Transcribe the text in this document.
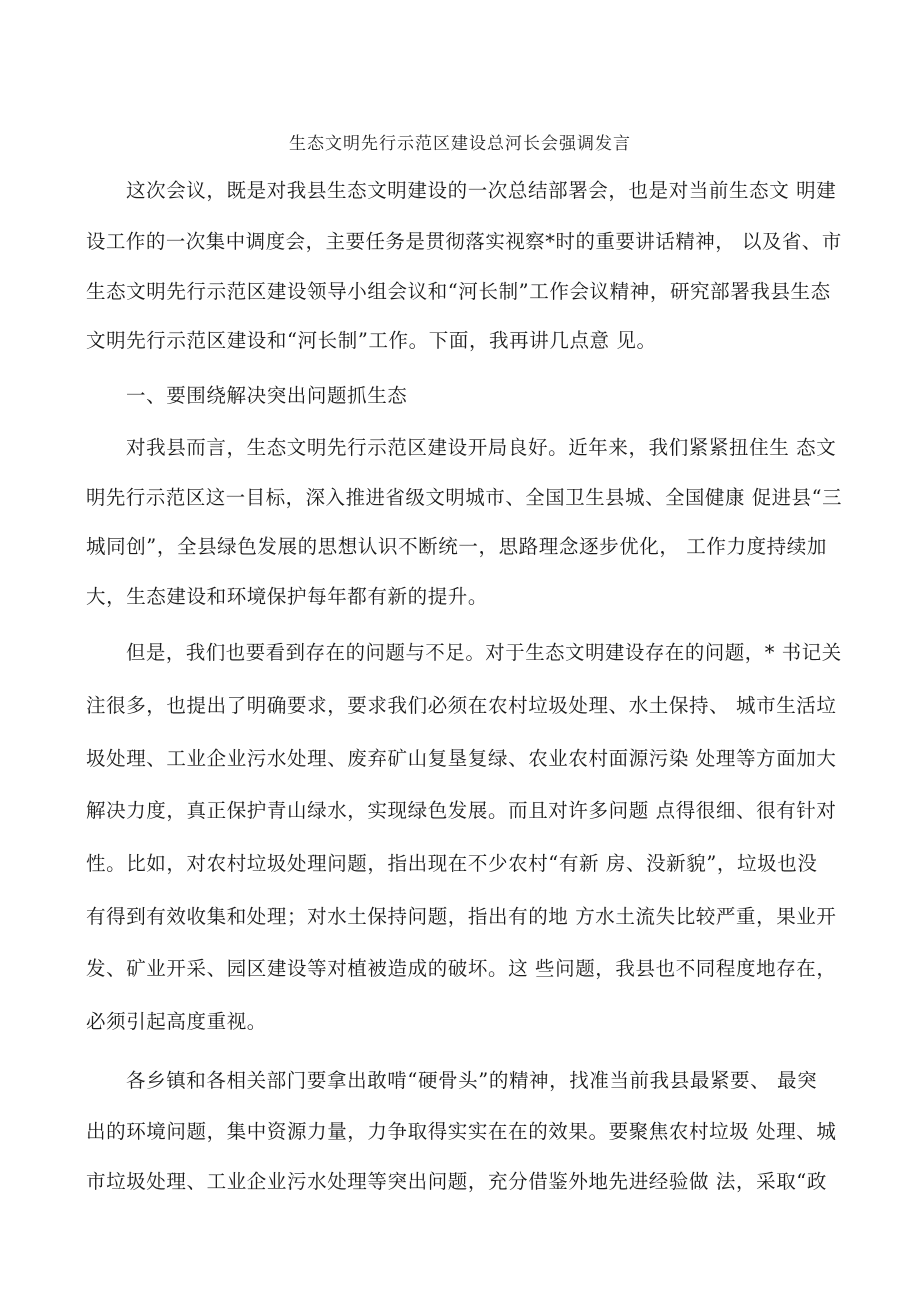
生态文明先行示范区建设总河长会强调发言
这次会议，既是对我县生态文明建设的一次总结部署会，也是对当前生态文 明建
设工作的一次集中调度会，主要任务是贯彻落实视察*时的重要讲话精神， 以及省、市
生态文明先行示范区建设领导小组会议和“河长制”工作会议精神，研究部署我县生态
文明先行示范区建设和“河长制”工作。下面，我再讲几点意 见。
一、要围绕解决突出问题抓生态
对我县而言，生态文明先行示范区建设开局良好。近年来，我们紧紧扭住生 态文
明先行示范区这一目标，深入推进省级文明城市、全国卫生县城、全国健康 促进县“三
城同创”，全县绿色发展的思想认识不断统一，思路理念逐步优化， 工作力度持续加
大，生态建设和环境保护每年都有新的提升。
但是，我们也要看到存在的问题与不足。对于生态文明建设存在的问题，* 书记关
注很多，也提出了明确要求，要求我们必须在农村垃圾处理、水土保持、 城市生活垃
圾处理、工业企业污水处理、废弃矿山复垦复绿、农业农村面源污染 处理等方面加大
解决力度，真正保护青山绿水，实现绿色发展。而且对许多问题 点得很细、很有针对
性。比如，对农村垃圾处理问题，指出现在不少农村“有新 房、没新貌”，垃圾也没
有得到有效收集和处理；对水土保持问题，指出有的地 方水土流失比较严重，果业开
发、矿业开采、园区建设等对植被造成的破坏。这 些问题，我县也不同程度地存在，
必须引起高度重视。
各乡镇和各相关部门要拿出敢啃“硬骨头”的精神，找准当前我县最紧要、 最突
出的环境问题，集中资源力量，力争取得实实在在的效果。要聚焦农村垃圾 处理、城
市垃圾处理、工业企业污水处理等突出问题，充分借鉴外地先进经验做 法，采取“政
